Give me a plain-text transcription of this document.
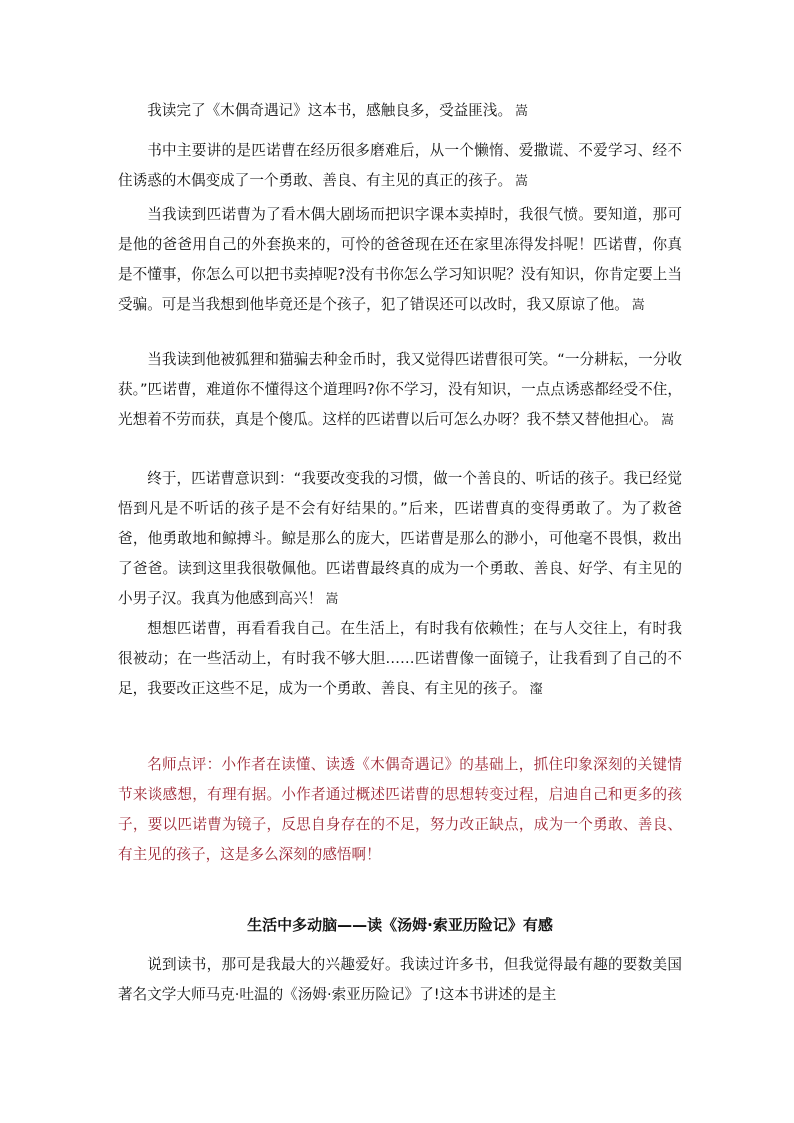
我读完了《木偶奇遇记》这本书，感触良多，受益匪浅。 嵩

书中主要讲的是匹诺曹在经历很多磨难后，从一个懒惰、爱撒谎、不爱学习、经不住诱惑的木偶变成了一个勇敢、善良、有主见的真正的孩子。 嵩

当我读到匹诺曹为了看木偶大剧场而把识字课本卖掉时，我很气愤。要知道，那可是他的爸爸用自己的外套换来的，可怜的爸爸现在还在家里冻得发抖呢！匹诺曹，你真是不懂事，你怎么可以把书卖掉呢?没有书你怎么学习知识呢？没有知识，你肯定要上当受骗。可是当我想到他毕竟还是个孩子，犯了错误还可以改时，我又原谅了他。 嵩

当我读到他被狐狸和猫骗去种金币时，我又觉得匹诺曹很可笑。“一分耕耘，一分收获。”匹诺曹，难道你不懂得这个道理吗?你不学习，没有知识，一点点诱惑都经受不住，光想着不劳而获，真是个傻瓜。这样的匹诺曹以后可怎么办呀？我不禁又替他担心。 嵩

终于，匹诺曹意识到：“我要改变我的习惯，做一个善良的、听话的孩子。我已经觉悟到凡是不听话的孩子是不会有好结果的。”后来，匹诺曹真的变得勇敢了。为了救爸爸，他勇敢地和鲸搏斗。鲸是那么的庞大，匹诺曹是那么的渺小，可他毫不畏惧，救出了爸爸。读到这里我很敬佩他。匹诺曹最终真的成为一个勇敢、善良、好学、有主见的小男子汉。我真为他感到高兴！ 嵩

想想匹诺曹，再看看我自己。在生活上，有时我有依赖性；在与人交往上，有时我很被动；在一些活动上，有时我不够大胆……匹诺曹像一面镜子，让我看到了自己的不足，我要改正这些不足，成为一个勇敢、善良、有主见的孩子。 瀣

名师点评：小作者在读懂、读透《木偶奇遇记》的基础上，抓住印象深刻的关键情节来谈感想，有理有据。小作者通过概述匹诺曹的思想转变过程，启迪自己和更多的孩子，要以匹诺曹为镜子，反思自身存在的不足，努力改正缺点，成为一个勇敢、善良、有主见的孩子，这是多么深刻的感悟啊！

生活中多动脑——读《汤姆·索亚历险记》有感

说到读书，那可是我最大的兴趣爱好。我读过许多书，但我觉得最有趣的要数美国著名文学大师马克·吐温的《汤姆·索亚历险记》了!这本书讲述的是主
